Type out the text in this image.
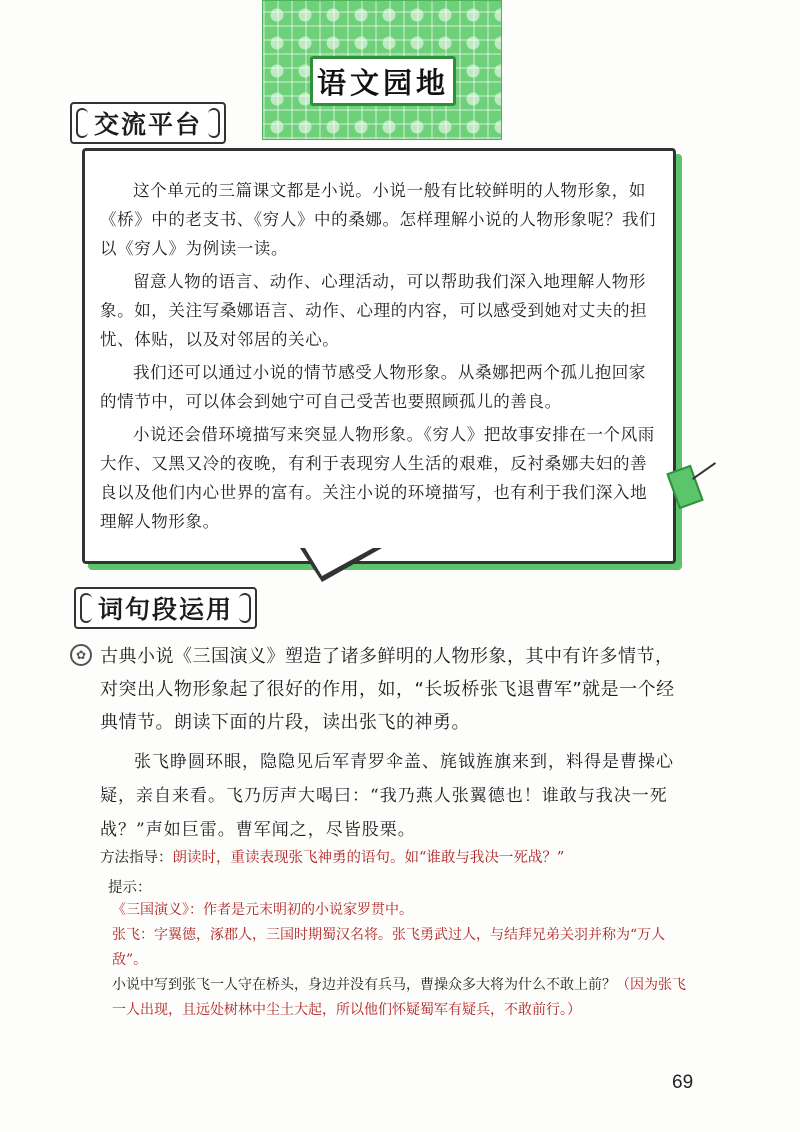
语文园地
交流平台

这个单元的三篇课文都是小说。小说一般有比较鲜明的人物形象，如《桥》中的老支书、《穷人》中的桑娜。怎样理解小说的人物形象呢？我们以《穷人》为例读一读。

留意人物的语言、动作、心理活动，可以帮助我们深入地理解人物形象。如，关注写桑娜语言、动作、心理的内容，可以感受到她对丈夫的担忧、体贴，以及对邻居的关心。

我们还可以通过小说的情节感受人物形象。从桑娜把两个孤儿抱回家的情节中，可以体会到她宁可自己受苦也要照顾孤儿的善良。

小说还会借环境描写来突显人物形象。《穷人》把故事安排在一个风雨大作、又黑又冷的夜晚，有利于表现穷人生活的艰难，反衬桑娜夫妇的善良以及他们内心世界的富有。关注小说的环境描写，也有利于我们深入地理解人物形象。

词句段运用
✿ 古典小说《三国演义》塑造了诸多鲜明的人物形象，其中有许多情节，对突出人物形象起了很好的作用，如，“长坂桥张飞退曹军”就是一个经典情节。朗读下面的片段，读出张飞的神勇。

张飞睁圆环眼，隐隐见后军青罗伞盖、旄钺旌旗来到，料得是曹操心疑，亲自来看。飞乃厉声大喝曰：“我乃燕人张翼德也！谁敢与我决一死战？”声如巨雷。曹军闻之，尽皆股栗。

方法指导：朗读时，重读表现张飞神勇的语句。如“谁敢与我决一死战？”

提示：
《三国演义》：作者是元末明初的小说家罗贯中。
张飞：字翼德，涿郡人，三国时期蜀汉名将。张飞勇武过人，与结拜兄弟关羽并称为“万人敌”。
小说中写到张飞一人守在桥头，身边并没有兵马，曹操众多大将为什么不敢上前？（因为张飞一人出现，且远处树林中尘土大起，所以他们怀疑蜀军有疑兵，不敢前行。）
69
